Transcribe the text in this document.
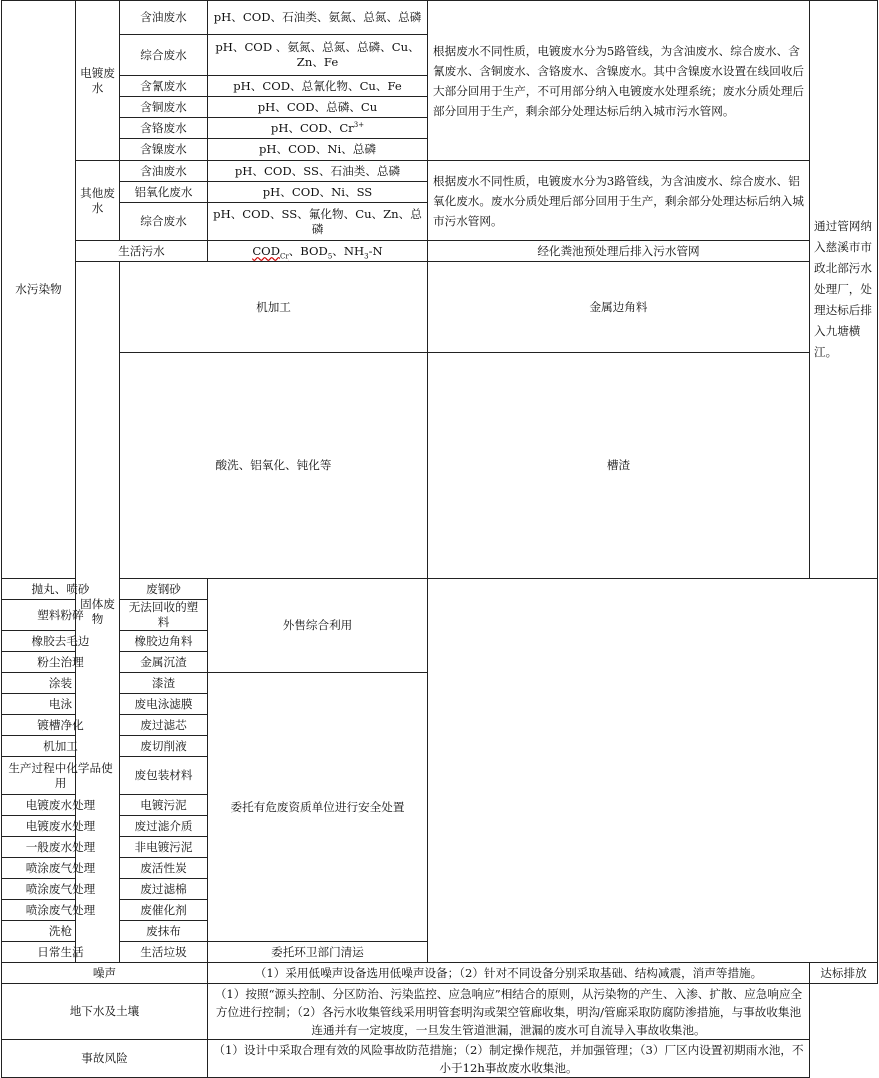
水污染物	电镀废水	含油废水	pH、COD、石油类、氨氮、总氮、总磷	根据废水不同性质，电镀废水分为5路管线，为含油废水、综合废水、含氰废水、含铜废水、含铬废水、含镍废水。其中含镍废水设置在线回收后大部分回用于生产，不可用部分纳入电镀废水处理系统；废水分质处理后部分回用于生产，剩余部分处理达标后纳入城市污水管网。	通过管网纳入慈溪市市政北部污水处理厂，处理达标后排入九塘横江。	
		综合废水	pH、COD 、氨氮、总氮、总磷、Cu、Zn、Fe			
		含氰废水	pH、COD、总氰化物、Cu、Fe			
		含铜废水	pH、COD、总磷、Cu			
		含铬废水	pH、COD、$Cr^{3+}$
		含镍废水	pH、COD、Ni、总磷			
	其他废水	含油废水	pH、COD、SS、石油类、总磷	根据废水不同性质，电镀废水分为3路管线，为含油废水、综合废水、铝氧化废水。废水分质处理后部分回用于生产，剩余部分处理达标后纳入城市污水管网。		
		铝氧化废水	pH、COD、Ni、SS			
		综合废水	pH、COD、SS、氟化物、Cu、Zn、总磷			
	生活污水		$COD_{Cr}$、$BOD_5$、$NH_3-N$	经化粪池预处理后排入污水管网		
	固体废物	机加工		金属边角料		
		酸洗、铝氧化、钝化等		槽渣	
抛丸、喷砂		废钢砂	外售综合利用			
塑料粉碎		无法回收的塑料				
橡胶去毛边		橡胶边角料				
粉尘治理		金属沉渣				
涂装		漆渣	委托有危废资质单位进行安全处置			
电泳		废电泳滤膜				
镀槽净化		废过滤芯				
机加工		废切削液				
生产过程中化学品使用		废包装材料				
电镀废水处理		电镀污泥				
电镀废水处理		废过滤介质				
一般废水处理		非电镀污泥				
喷涂废气处理		废活性炭				
喷涂废气处理		废过滤棉				
喷涂废气处理		废催化剂				
洗枪		废抹布				
日常生活		生活垃圾	委托环卫部门清运			
噪声			（1）采用低噪声设备选用低噪声设备；（2）针对不同设备分别采取基础、结构减震，消声等措施。		达标排放	
地下水及土壤			（1）按照“源头控制、分区防治、污染监控、应急响应”相结合的原则，从污染物的产生、入渗、扩散、应急响应全方位进行控制；（2）各污水收集管线采用明管套明沟或架空管廊收集，明沟/管廊采取防腐防渗措施，与事故收集池连通并有一定坡度，一旦发生管道泄漏，泄漏的废水可自流导入事故收集池。			
事故风险			（1）设计中采取合理有效的风险事故防范措施；（2）制定操作规范，并加强管理；（3）厂区内设置初期雨水池，不小于12h事故废水收集池。			
